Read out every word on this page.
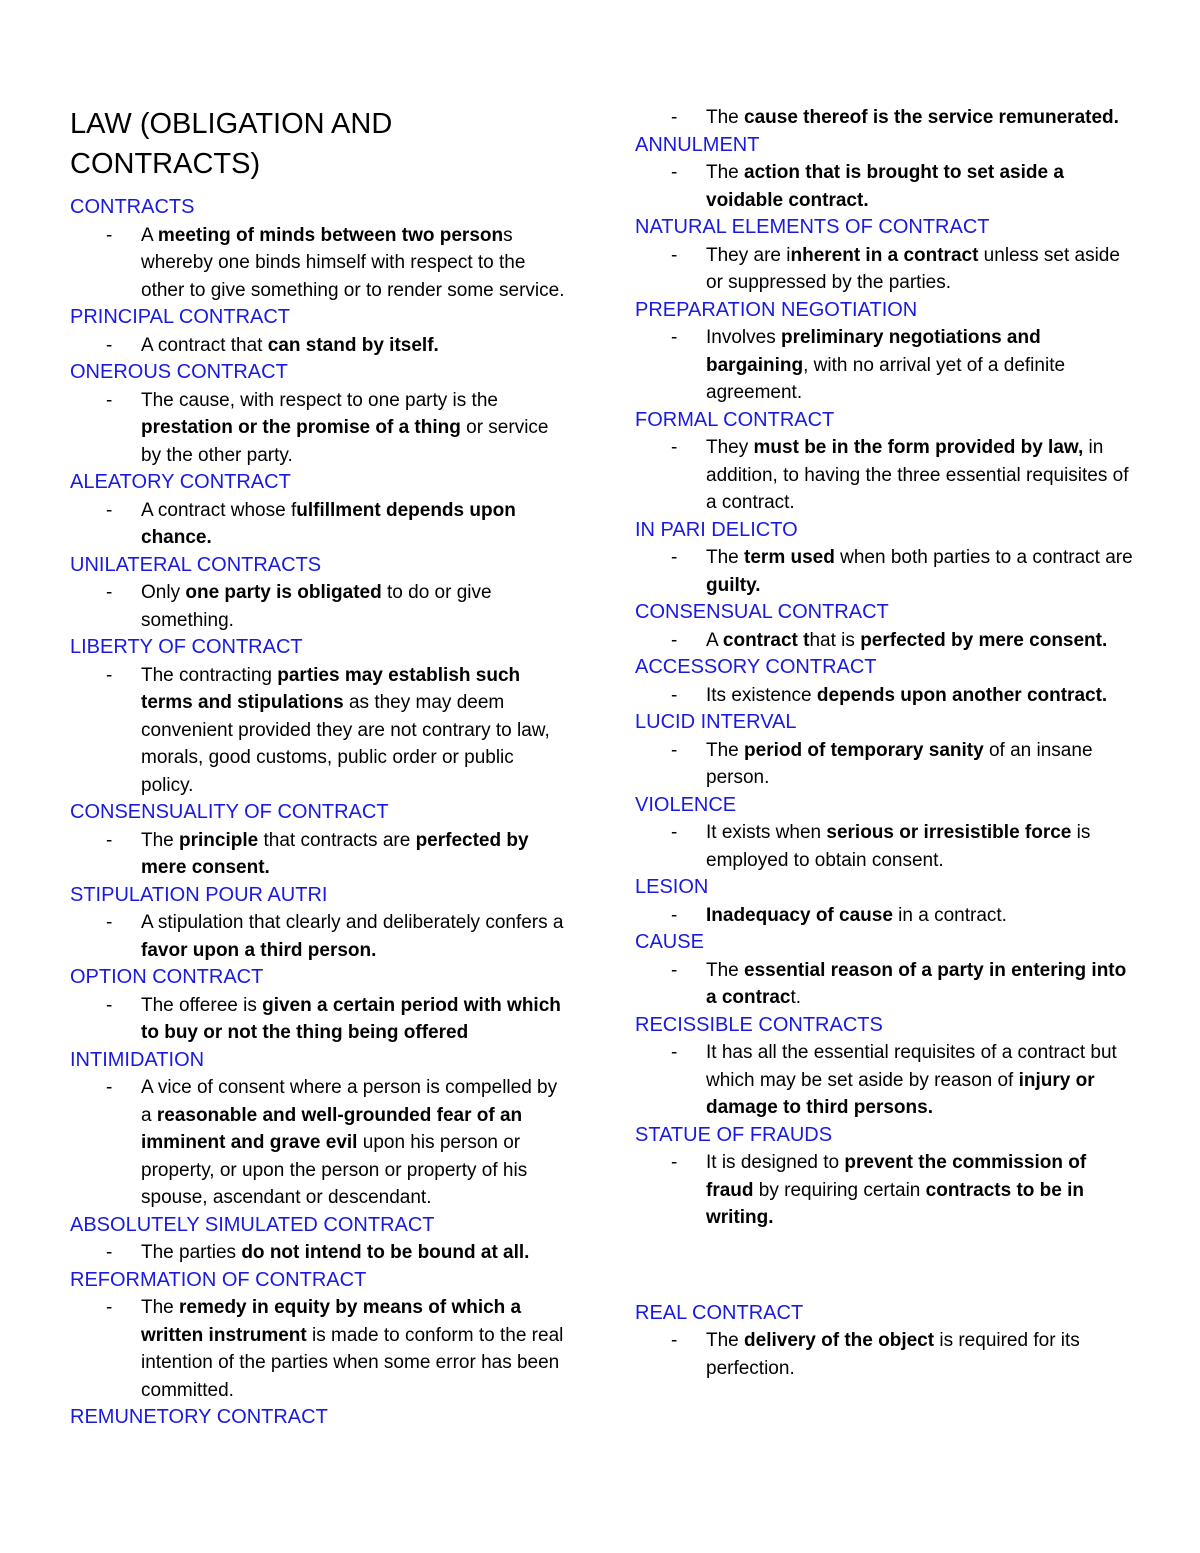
LAW (OBLIGATION AND CONTRACTS)
CONTRACTS
-	A meeting of minds between two persons whereby one binds himself with respect to the other to give something or to render some service.
PRINCIPAL CONTRACT
-	A contract that can stand by itself.
ONEROUS CONTRACT
-	The cause, with respect to one party is the prestation or the promise of a thing or service by the other party.
ALEATORY CONTRACT
-	A contract whose fulfillment depends upon chance.
UNILATERAL CONTRACTS
-	Only one party is obligated to do or give something.
LIBERTY OF CONTRACT
-	The contracting parties may establish such terms and stipulations as they may deem convenient provided they are not contrary to law, morals, good customs, public order or public policy.
CONSENSUALITY OF CONTRACT
-	The principle that contracts are perfected by mere consent.
STIPULATION POUR AUTRI
-	A stipulation that clearly and deliberately confers a favor upon a third person.
OPTION CONTRACT
-	The offeree is given a certain period with which to buy or not the thing being offered
INTIMIDATION
-	A vice of consent where a person is compelled by a reasonable and well-grounded fear of an imminent and grave evil upon his person or property, or upon the person or property of his spouse, ascendant or descendant.
ABSOLUTELY SIMULATED CONTRACT
-	The parties do not intend to be bound at all.
REFORMATION OF CONTRACT
-	The remedy in equity by means of which a written instrument is made to conform to the real intention of the parties when some error has been committed.
REMUNETORY CONTRACT
-	The cause thereof is the service remunerated.
ANNULMENT
-	The action that is brought to set aside a voidable contract.
NATURAL ELEMENTS OF CONTRACT
-	They are inherent in a contract unless set aside or suppressed by the parties.
PREPARATION NEGOTIATION
-	Involves preliminary negotiations and bargaining, with no arrival yet of a definite agreement.
FORMAL CONTRACT
-	They must be in the form provided by law, in addition, to having the three essential requisites of a contract.
IN PARI DELICTO
-	The term used when both parties to a contract are guilty.
CONSENSUAL CONTRACT
-	A contract that is perfected by mere consent.
ACCESSORY CONTRACT
-	Its existence depends upon another contract.
LUCID INTERVAL
-	The period of temporary sanity of an insane person.
VIOLENCE
-	It exists when serious or irresistible force is employed to obtain consent.
LESION
-	Inadequacy of cause in a contract.
CAUSE
-	The essential reason of a party in entering into a contract.
RECISSIBLE CONTRACTS
-	It has all the essential requisites of a contract but which may be set aside by reason of injury or damage to third persons.
STATUE OF FRAUDS
-	It is designed to prevent the commission of fraud by requiring certain contracts to be in writing.
REAL CONTRACT
-	The delivery of the object is required for its perfection.
